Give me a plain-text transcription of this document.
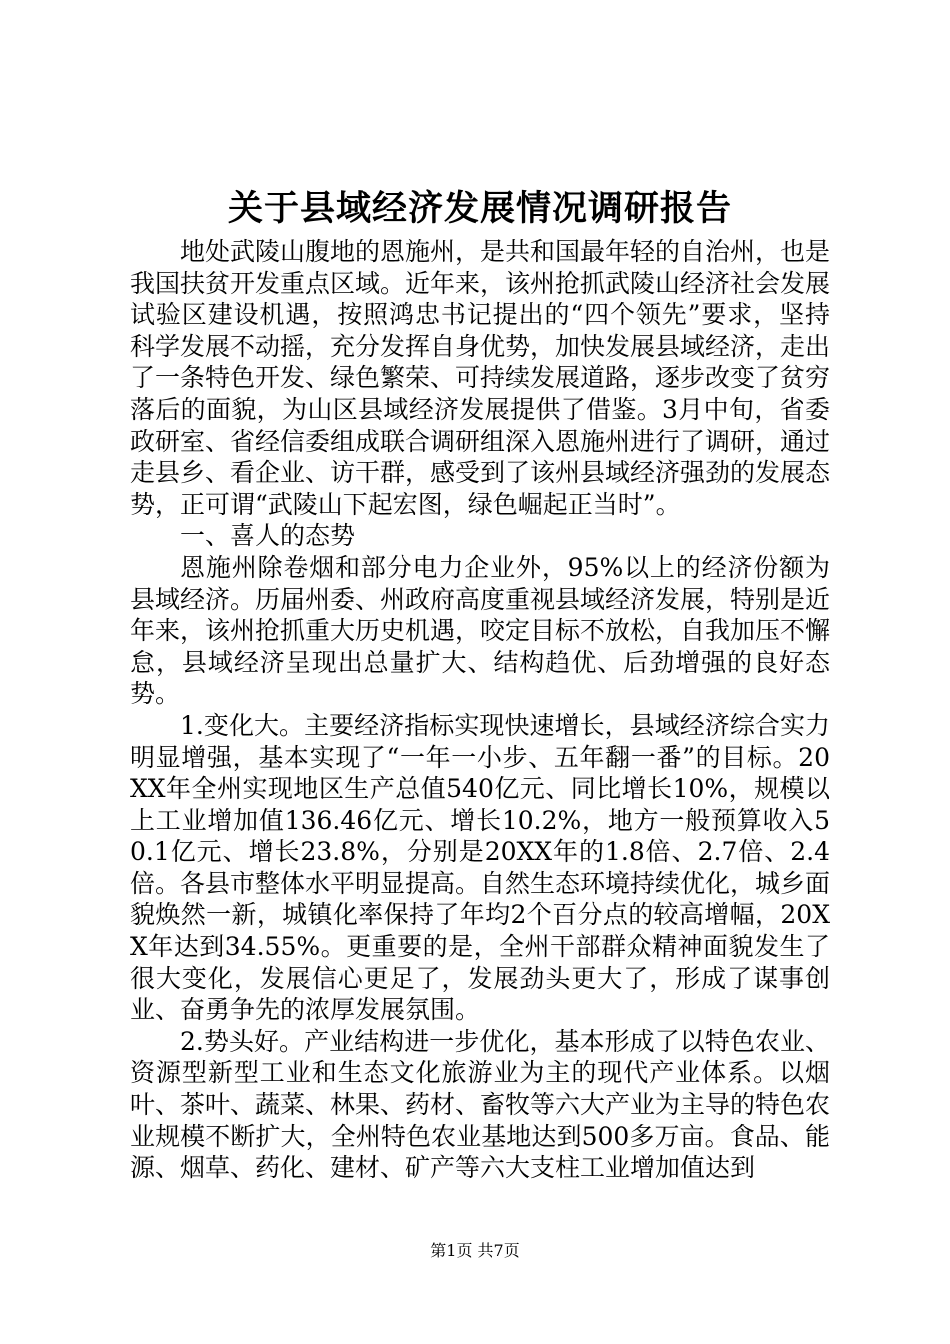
关于县域经济发展情况调研报告

地处武陵山腹地的恩施州，是共和国最年轻的自治州，也是我国扶贫开发重点区域。近年来，该州抢抓武陵山经济社会发展试验区建设机遇，按照鸿忠书记提出的“四个领先”要求，坚持科学发展不动摇，充分发挥自身优势，加快发展县域经济，走出了一条特色开发、绿色繁荣、可持续发展道路，逐步改变了贫穷落后的面貌，为山区县域经济发展提供了借鉴。3月中旬，省委政研室、省经信委组成联合调研组深入恩施州进行了调研，通过走县乡、看企业、访干群，感受到了该州县域经济强劲的发展态势，正可谓“武陵山下起宏图，绿色崛起正当时”。

一、喜人的态势

恩施州除卷烟和部分电力企业外，95%以上的经济份额为县域经济。历届州委、州政府高度重视县域经济发展，特别是近年来，该州抢抓重大历史机遇，咬定目标不放松，自我加压不懈怠，县域经济呈现出总量扩大、结构趋优、后劲增强的良好态势。

1.变化大。主要经济指标实现快速增长，县域经济综合实力明显增强，基本实现了“一年一小步、五年翻一番”的目标。20XX年全州实现地区生产总值540亿元、同比增长10%，规模以上工业增加值136.46亿元、增长10.2%，地方一般预算收入50.1亿元、增长23.8%，分别是20XX年的1.8倍、2.7倍、2.4倍。各县市整体水平明显提高。自然生态环境持续优化，城乡面貌焕然一新，城镇化率保持了年均2个百分点的较高增幅，20XX年达到34.55%。更重要的是，全州干部群众精神面貌发生了很大变化，发展信心更足了，发展劲头更大了，形成了谋事创业、奋勇争先的浓厚发展氛围。

2.势头好。产业结构进一步优化，基本形成了以特色农业、资源型新型工业和生态文化旅游业为主的现代产业体系。以烟叶、茶叶、蔬菜、林果、药材、畜牧等六大产业为主导的特色农业规模不断扩大，全州特色农业基地达到500多万亩。食品、能源、烟草、药化、建材、矿产等六大支柱工业增加值达到

第1页 共7页
